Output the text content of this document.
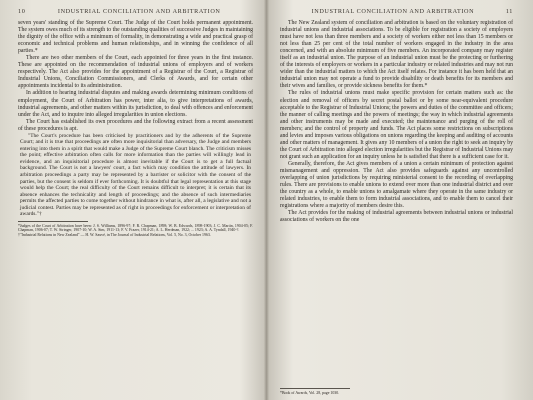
10	INDUSTRIAL CONCILIATION AND ARBITRATION

seven years' standing of the Supreme Court. The Judge of the Court holds permanent appointment. The system owes much of its strength to the outstanding qualities of successive Judges in maintaining the dignity of the office with a minimum of formality, in demonstrating a wide and practical grasp of economic and technical problems and human relationships, and in winning the confidence of all parties.*

There are two other members of the Court, each appointed for three years in the first instance. These are appointed on the recommendation of industrial unions of employers and of workers respectively. The Act also provides for the appointment of a Registrar of the Court, a Registrar of Industrial Unions, Conciliation Commissioners, and Clerks of Awards, and for certain other appointments incidental to its administration.

In addition to hearing industrial disputes and making awards determining minimum conditions of employment, the Court of Arbitration has power, inter alia, to give interpretations of awards, industrial agreements, and other matters within its jurisdiction, to deal with offences and enforcement under the Act, and to inquire into alleged irregularities in union elections.

The Court has established its own procedures and the following extract from a recent assessment of these procedures is apt.

"The Court's procedure has been criticised by practitioners and by the adherents of the Supreme Court; and it is true that proceedings are often more inquisitorial than adversary, the Judge and members entering into them in a spirit that would make a Judge of the Supreme Court blanch. The criticism misses the point; effective arbitration often calls for more information than the parties will willingly lead in evidence, and an inquisitorial procedure is almost inevitable if the Court is to get a full factual background. The Court is not a lawyers' court, a fact which may condition the attitude of lawyers. In arbitration proceedings a party may be represented by a barrister or solicitor with the consent of the parties, but the consent is seldom if ever forthcoming. It is doubtful that legal representation at this stage would help the Court; the real difficulty of the Court remains difficult to interpret; it is certain that its absence enhances the technicality and length of proceedings; and the absence of such intermediaries permits the affected parties to come together without hindrance in what is, after all, a legislative and not a judicial contest. Parties may be represented as of right in proceedings for enforcement or interpretation of awards."†

*Judges of the Court of Arbitration have been: J. S. Williams, 1896-97; F. R. Chapman, 1898; W. B. Edwards, 1898-1903; J. C. Martin, 1904-05; F. Chapman, 1906-07; T. W. Stringer, 1907-10; W. A. Sim, 1911-13; F. V. Frazer, 1914-21; A. L. Herdman, 1922; ... 1923; A. A. Tyndall, 1940-?.

†"Industrial Relations in New Zealand" — H. W. Sauvé, in The Journal of Industrial Relations, Vol. 5, No. 3, October 1963.

INDUSTRIAL CONCILIATION AND ARBITRATION	11

The New Zealand system of conciliation and arbitration is based on the voluntary registration of industrial unions and industrial associations. To be eligible for registration a society of employers must have not less than three members and a society of workers either not less than 15 members or not less than 25 per cent of the total number of workers engaged in the industry in the area concerned, and with an absolute minimum of five members. An incorporated company may register itself as an industrial union. The purpose of an industrial union must be the protecting or furthering of the interests of employers or workers in a particular industry or related industries and may not run wider than the industrial matters to which the Act itself relates. For instance it has been held that an industrial union may not operate a fund to provide disability or death benefits for its members and their wives and families, or provide sickness benefits for them.*

The rules of industrial unions must make specific provision for certain matters such as: the election and removal of officers by secret postal ballot or by some near-equivalent procedure acceptable to the Registrar of Industrial Unions; the powers and duties of the committee and officers; the manner of calling meetings and the powers of meetings; the way in which industrial agreements and other instruments may be made and executed; the maintenance and purging of the roll of members; and the control of property and funds. The Act places some restrictions on subscriptions and levies and imposes various obligations on unions regarding the keeping and auditing of accounts and other matters of management. It gives any 10 members of a union the right to seek an inquiry by the Court of Arbitration into alleged election irregularities but the Registrar of Industrial Unions may not grant such an application for an inquiry unless he is satisfied that there is a sufficient case for it.

Generally, therefore, the Act gives members of a union a certain minimum of protection against mismanagement and oppression. The Act also provides safeguards against any uncontrolled overlapping of union jurisdictions by requiring ministerial consent to the recording of overlapping rules. There are provisions to enable unions to extend over more than one industrial district and over the country as a whole, to enable unions to amalgamate where they operate in the same industry or related industries, to enable them to form industrial associations, and to enable them to cancel their registrations where a majority of members desire this.

The Act provides for the making of industrial agreements between industrial unions or industrial associations of workers on the one

*Book of Awards, Vol. 28, page 1030.
